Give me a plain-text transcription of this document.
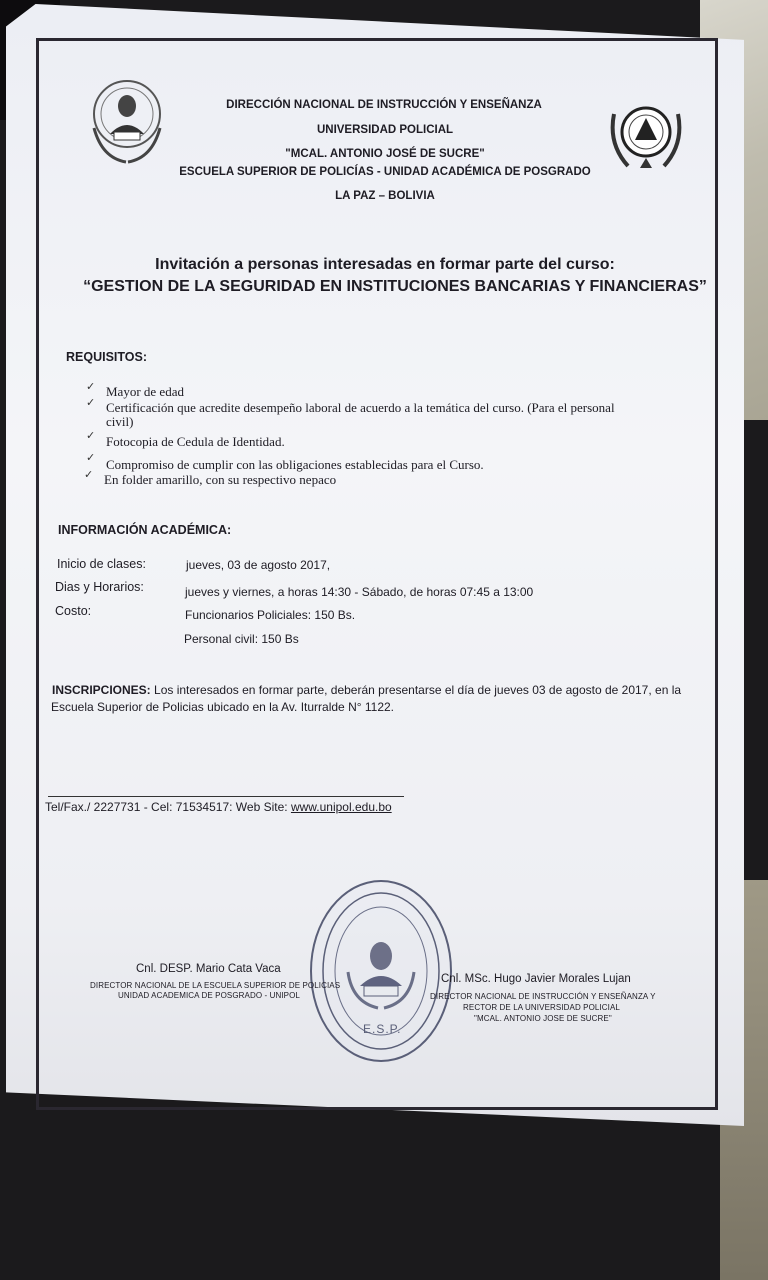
DIRECCIÓN NACIONAL DE INSTRUCCIÓN Y ENSEÑANZA
UNIVERSIDAD POLICIAL
"MCAL. ANTONIO JOSÉ DE SUCRE"
ESCUELA SUPERIOR DE POLICÍAS - UNIDAD ACADÉMICA DE POSGRADO
LA PAZ – BOLIVIA
Invitación a personas interesadas en formar parte del curso:
“GESTION DE LA SEGURIDAD EN INSTITUCIONES BANCARIAS Y FINANCIERAS”
REQUISITOS:
✓ Mayor de edad
✓ Certificación que acredite desempeño laboral de acuerdo a la temática del curso. (Para el personal
civil)
✓ Fotocopia de Cedula de Identidad.
✓ Compromiso de cumplir con las obligaciones establecidas para el Curso.
✓ En folder amarillo, con su respectivo nepaco
INFORMACIÓN ACADÉMICA:
Inicio de clases:	jueves, 03 de agosto 2017,
Dias y Horarios:	jueves y viernes, a horas 14:30 - Sábado, de horas 07:45 a 13:00
Costo:	Funcionarios Policiales: 150 Bs.
Personal civil: 150 Bs
INSCRIPCIONES: Los interesados en formar parte, deberán presentarse el día de jueves 03 de agosto de 2017, en la
Escuela Superior de Policias ubicado en la Av. Iturralde N° 1122.
Tel/Fax./ 2227731 - Cel: 71534517: Web Site: www.unipol.edu.bo
E.S.P.
Cnl. DESP. Mario Cata Vaca
DIRECTOR NACIONAL DE LA ESCUELA SUPERIOR DE POLICIAS
UNIDAD ACADEMICA DE POSGRADO - UNIPOL
Cnl. MSc. Hugo Javier Morales Lujan
DIRECTOR NACIONAL DE INSTRUCCIÓN Y ENSEÑANZA Y
RECTOR DE LA UNIVERSIDAD POLICIAL
"MCAL. ANTONIO JOSE DE SUCRE"
